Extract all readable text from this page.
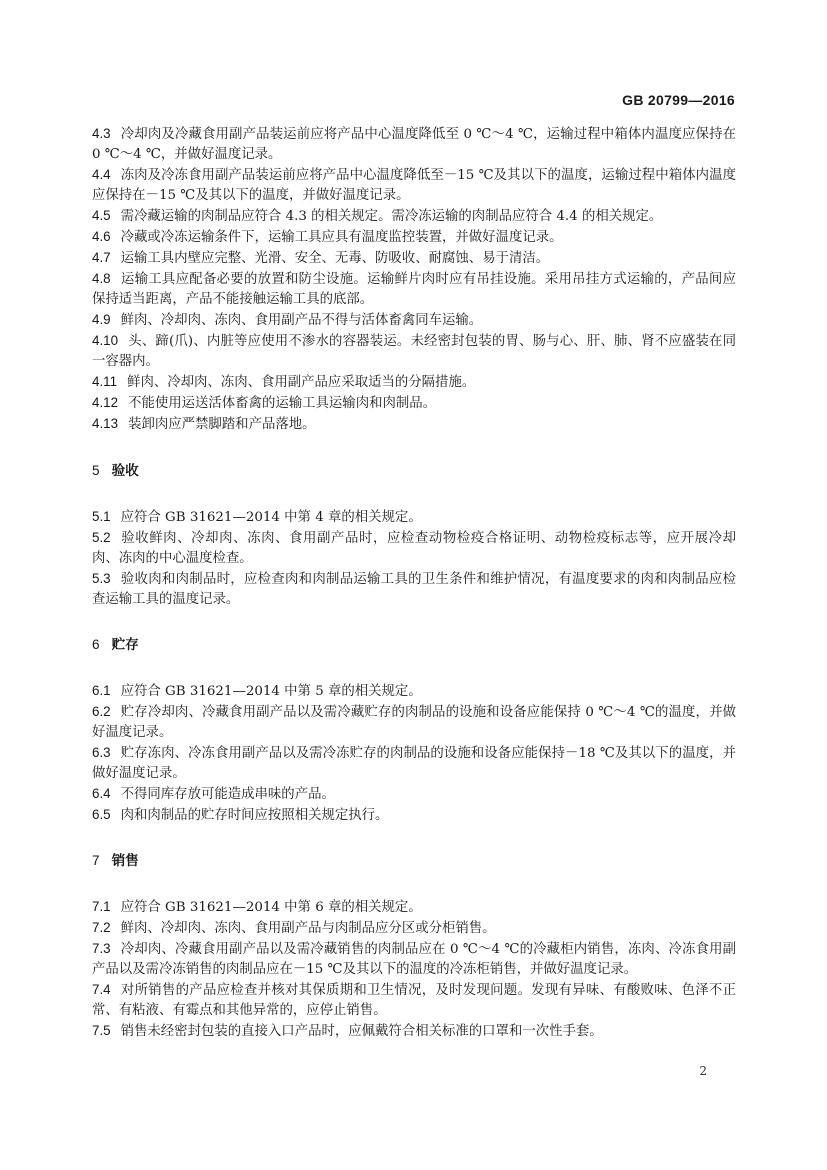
GB 20799—2016
4.3 冷却肉及冷藏食用副产品装运前应将产品中心温度降低至 0 ℃～4 ℃，运输过程中箱体内温度应保持在 0 ℃～4 ℃，并做好温度记录。
4.4 冻肉及冷冻食用副产品装运前应将产品中心温度降低至－15 ℃及其以下的温度，运输过程中箱体内温度应保持在－15 ℃及其以下的温度，并做好温度记录。
4.5 需冷藏运输的肉制品应符合 4.3 的相关规定。需冷冻运输的肉制品应符合 4.4 的相关规定。
4.6 冷藏或冷冻运输条件下，运输工具应具有温度监控装置，并做好温度记录。
4.7 运输工具内壁应完整、光滑、安全、无毒、防吸收、耐腐蚀、易于清洁。
4.8 运输工具应配备必要的放置和防尘设施。运输鲜片肉时应有吊挂设施。采用吊挂方式运输的，产品间应保持适当距离，产品不能接触运输工具的底部。
4.9 鲜肉、冷却肉、冻肉、食用副产品不得与活体畜禽同车运输。
4.10 头、蹄(爪)、内脏等应使用不渗水的容器装运。未经密封包装的胃、肠与心、肝、肺、肾不应盛装在同一容器内。
4.11 鲜肉、冷却肉、冻肉、食用副产品应采取适当的分隔措施。
4.12 不能使用运送活体畜禽的运输工具运输肉和肉制品。
4.13 装卸肉应严禁脚踏和产品落地。
5 验收
5.1 应符合 GB 31621—2014 中第 4 章的相关规定。
5.2 验收鲜肉、冷却肉、冻肉、食用副产品时，应检查动物检疫合格证明、动物检疫标志等，应开展冷却肉、冻肉的中心温度检查。
5.3 验收肉和肉制品时，应检查肉和肉制品运输工具的卫生条件和维护情况，有温度要求的肉和肉制品应检查运输工具的温度记录。
6 贮存
6.1 应符合 GB 31621—2014 中第 5 章的相关规定。
6.2 贮存冷却肉、冷藏食用副产品以及需冷藏贮存的肉制品的设施和设备应能保持 0 ℃～4 ℃的温度，并做好温度记录。
6.3 贮存冻肉、冷冻食用副产品以及需冷冻贮存的肉制品的设施和设备应能保持－18 ℃及其以下的温度，并做好温度记录。
6.4 不得同库存放可能造成串味的产品。
6.5 肉和肉制品的贮存时间应按照相关规定执行。
7 销售
7.1 应符合 GB 31621—2014 中第 6 章的相关规定。
7.2 鲜肉、冷却肉、冻肉、食用副产品与肉制品应分区或分柜销售。
7.3 冷却肉、冷藏食用副产品以及需冷藏销售的肉制品应在 0 ℃～4 ℃的冷藏柜内销售，冻肉、冷冻食用副产品以及需冷冻销售的肉制品应在－15 ℃及其以下的温度的冷冻柜销售，并做好温度记录。
7.4 对所销售的产品应检查并核对其保质期和卫生情况，及时发现问题。发现有异味、有酸败味、色泽不正常、有粘液、有霉点和其他异常的，应停止销售。
7.5 销售未经密封包装的直接入口产品时，应佩戴符合相关标准的口罩和一次性手套。
2
